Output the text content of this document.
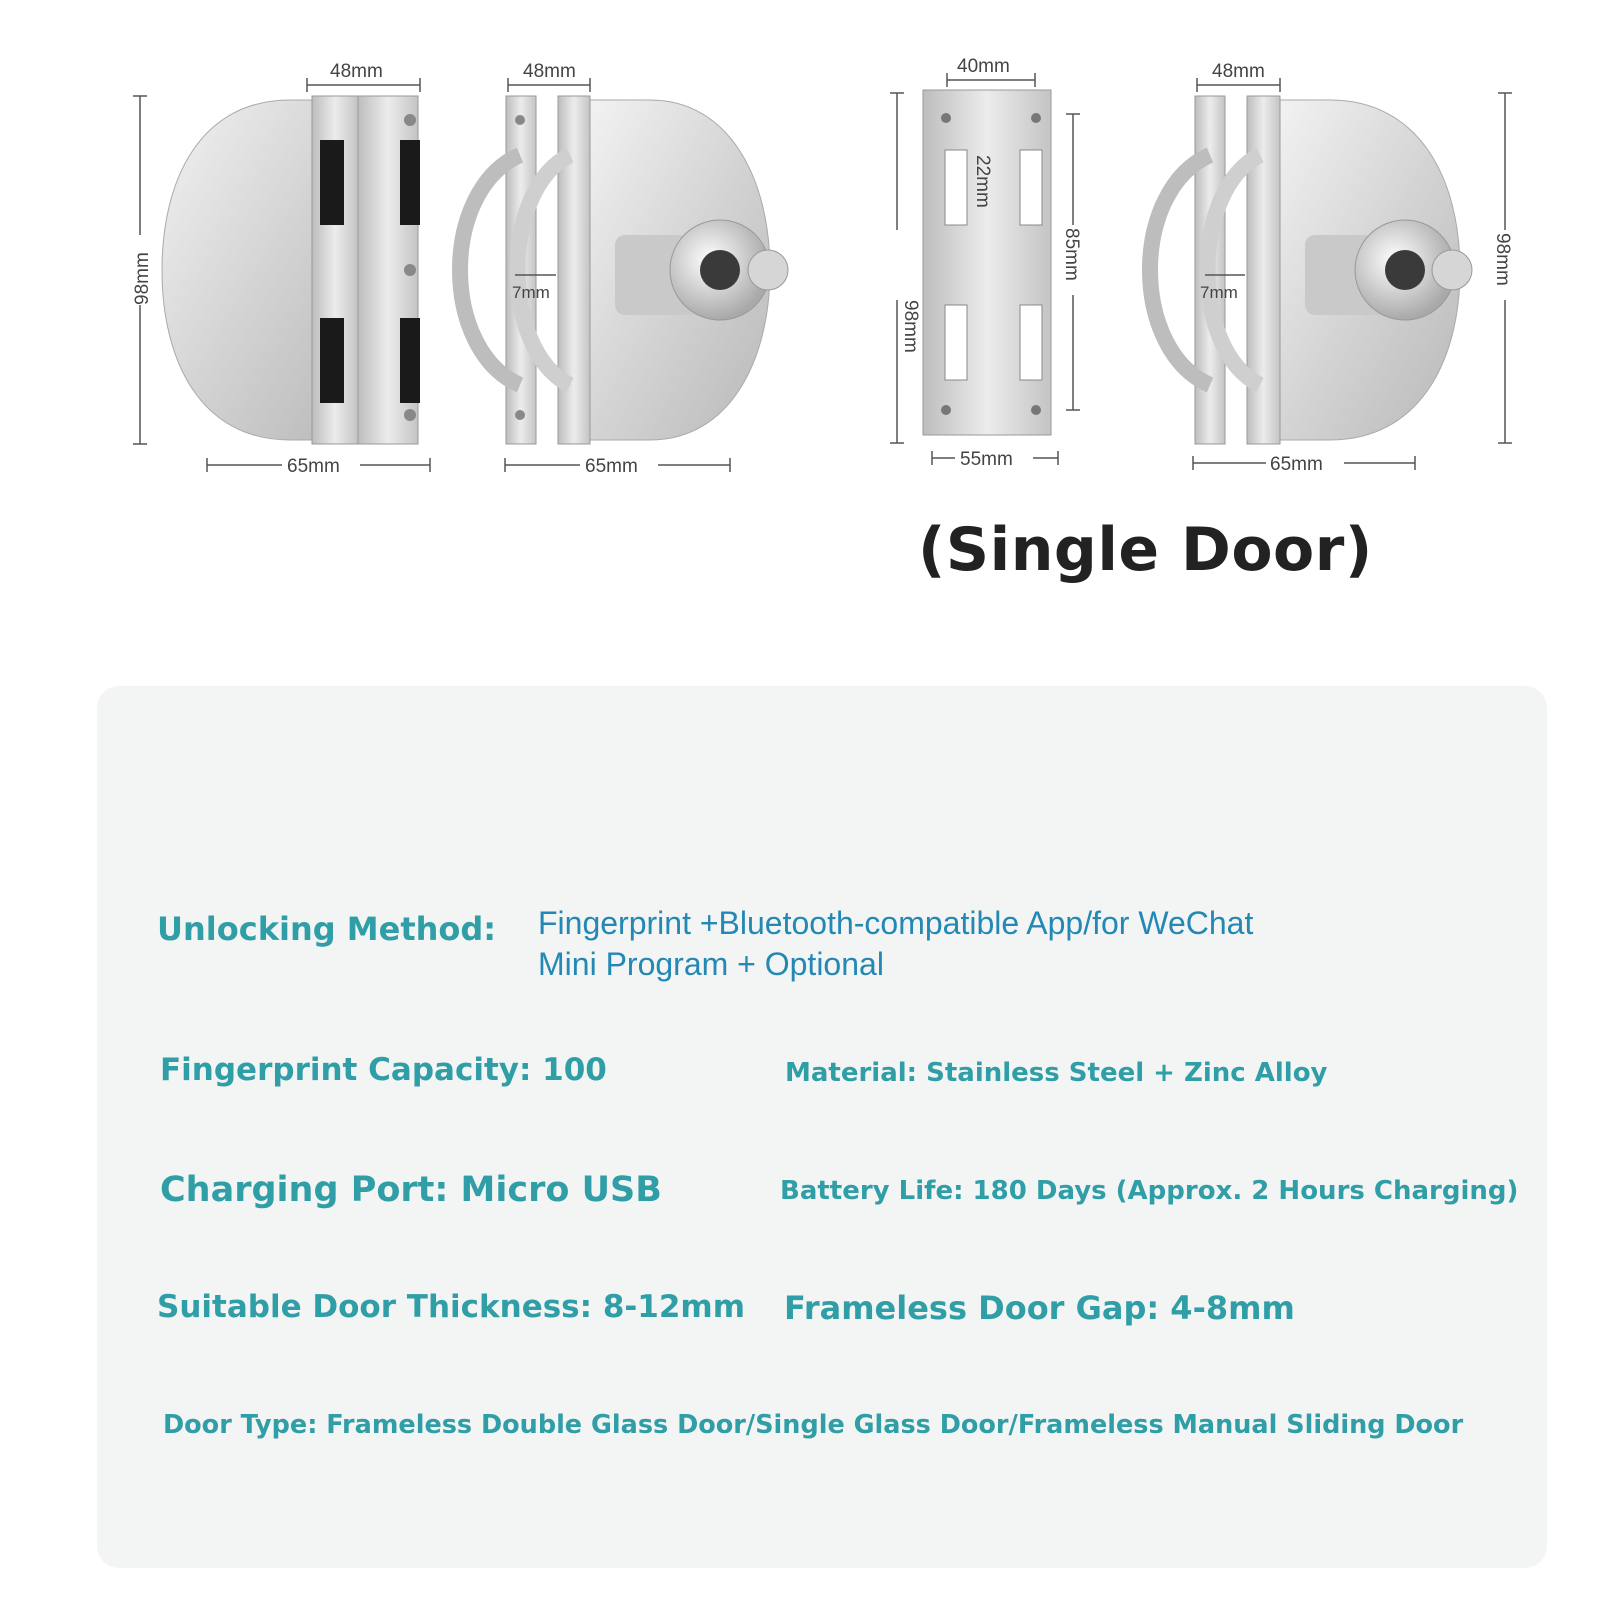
48mm
98mm
65mm
48mm
65mm
7mm
40mm
98mm
85mm
22mm
55mm
48mm
98mm
65mm
7mm
(Single Door)
Unlocking Method: Fingerprint +Bluetooth-compatible App/for WeChat
Mini Program + Optional
Fingerprint Capacity: 100	Material: Stainless Steel + Zinc Alloy
Charging Port: Micro USB	Battery Life: 180 Days (Approx. 2 Hours Charging)
Suitable Door Thickness: 8-12mm Frameless Door Gap: 4-8mm
Door Type: Frameless Double Glass Door/Single Glass Door/Frameless Manual Sliding Door
